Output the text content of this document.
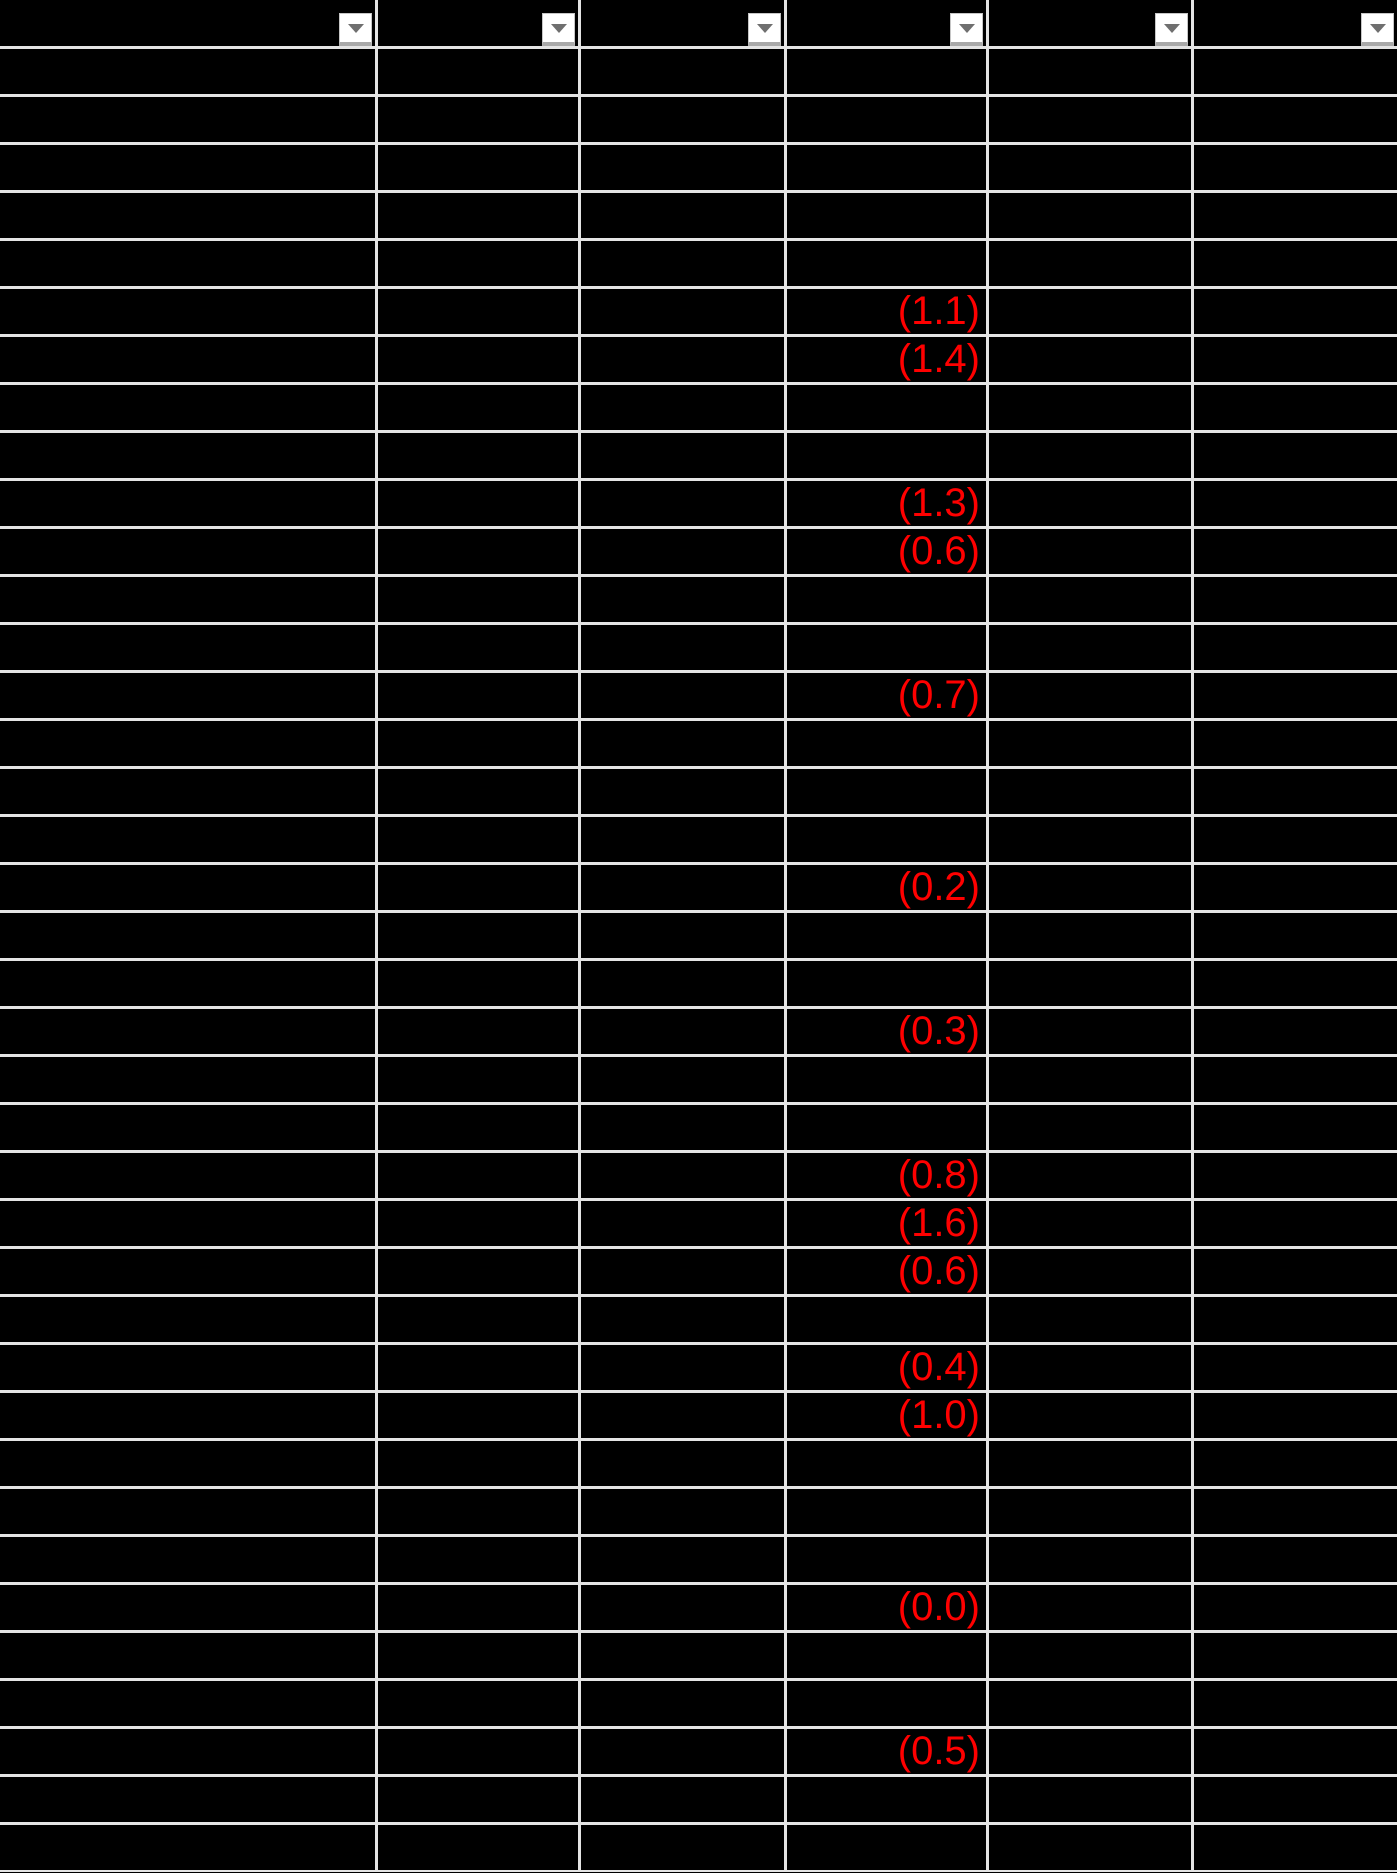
(1.1)
(1.4)
(1.3)
(0.6)
(0.7)
(0.2)
(0.3)
(0.8)
(1.6)
(0.6)
(0.4)
(1.0)
(0.0)
(0.5)
